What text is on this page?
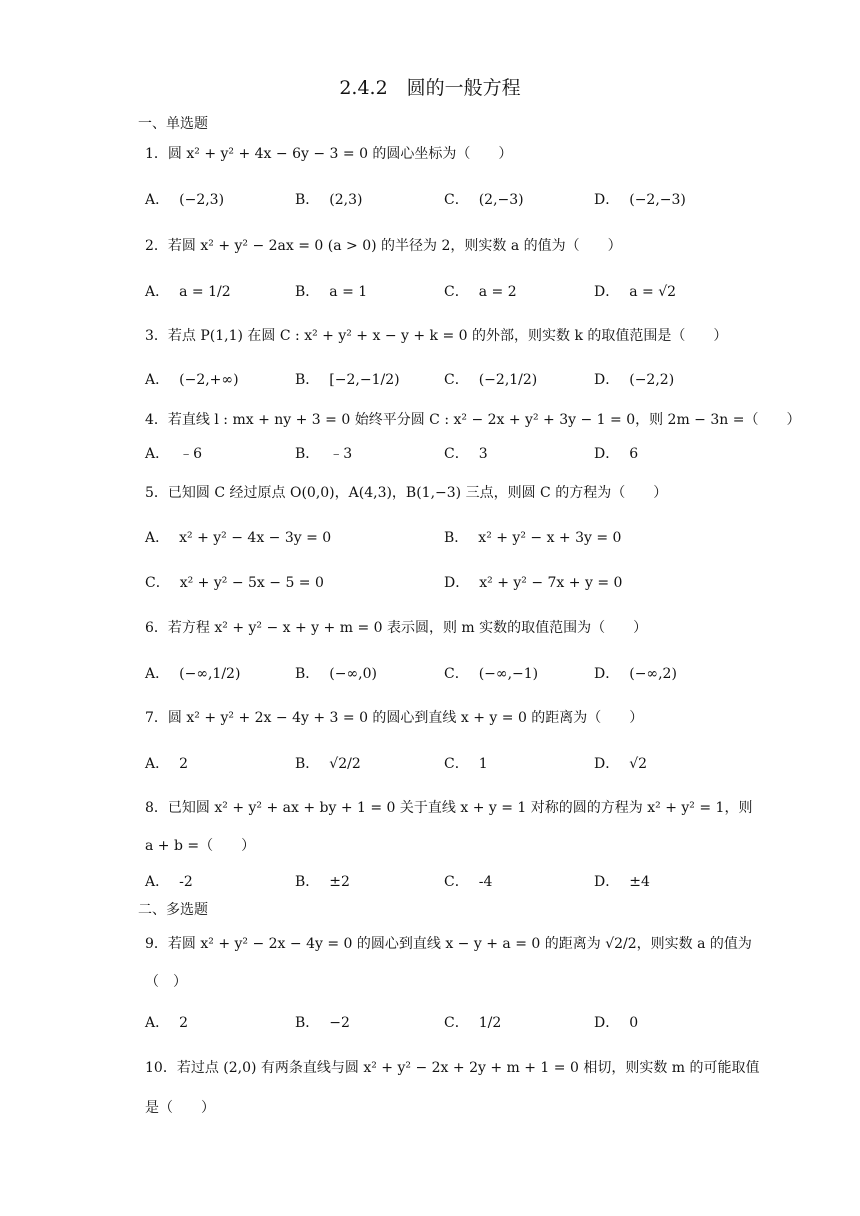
2.4.2　圆的一般方程
一、单选题
1．圆 x² + y² + 4x − 6y − 3 = 0 的圆心坐标为（　　）
A． (−2,3)	B． (2,3)	C． (2,−3)	D． (−2,−3)
2．若圆 x² + y² − 2ax = 0 (a > 0) 的半径为 2，则实数 a 的值为（　　）
A． a = 1/2	B． a = 1	C． a = 2	D． a = √2
3．若点 P(1,1) 在圆 C : x² + y² + x − y + k = 0 的外部，则实数 k 的取值范围是（　　）
A． (−2,+∞)	B． [−2,−1/2)	C． (−2,1/2)	D． (−2,2)
4．若直线 l : mx + ny + 3 = 0 始终平分圆 C : x² − 2x + y² + 3y − 1 = 0，则 2m − 3n =（　　）
A． ﹣6	B． ﹣3	C． 3	D． 6
5．已知圆 C 经过原点 O(0,0)，A(4,3)，B(1,−3) 三点，则圆 C 的方程为（　　）
A． x² + y² − 4x − 3y = 0	B． x² + y² − x + 3y = 0
C． x² + y² − 5x − 5 = 0	D． x² + y² − 7x + y = 0
6．若方程 x² + y² − x + y + m = 0 表示圆，则 m 实数的取值范围为（　　）
A． (−∞,1/2)	B． (−∞,0)	C． (−∞,−1)	D． (−∞,2)
7．圆 x² + y² + 2x − 4y + 3 = 0 的圆心到直线 x + y = 0 的距离为（　　）
A． 2	B． √2/2	C． 1	D． √2
8．已知圆 x² + y² + ax + by + 1 = 0 关于直线 x + y = 1 对称的圆的方程为 x² + y² = 1，则
a + b =（　　）
A． -2	B． ±2	C． -4	D． ±4
二、多选题
9．若圆 x² + y² − 2x − 4y = 0 的圆心到直线 x − y + a = 0 的距离为 √2/2，则实数 a 的值为
（　）
A． 2	B． −2	C． 1/2	D． 0
10．若过点 (2,0) 有两条直线与圆 x² + y² − 2x + 2y + m + 1 = 0 相切，则实数 m 的可能取值
是（　　）
